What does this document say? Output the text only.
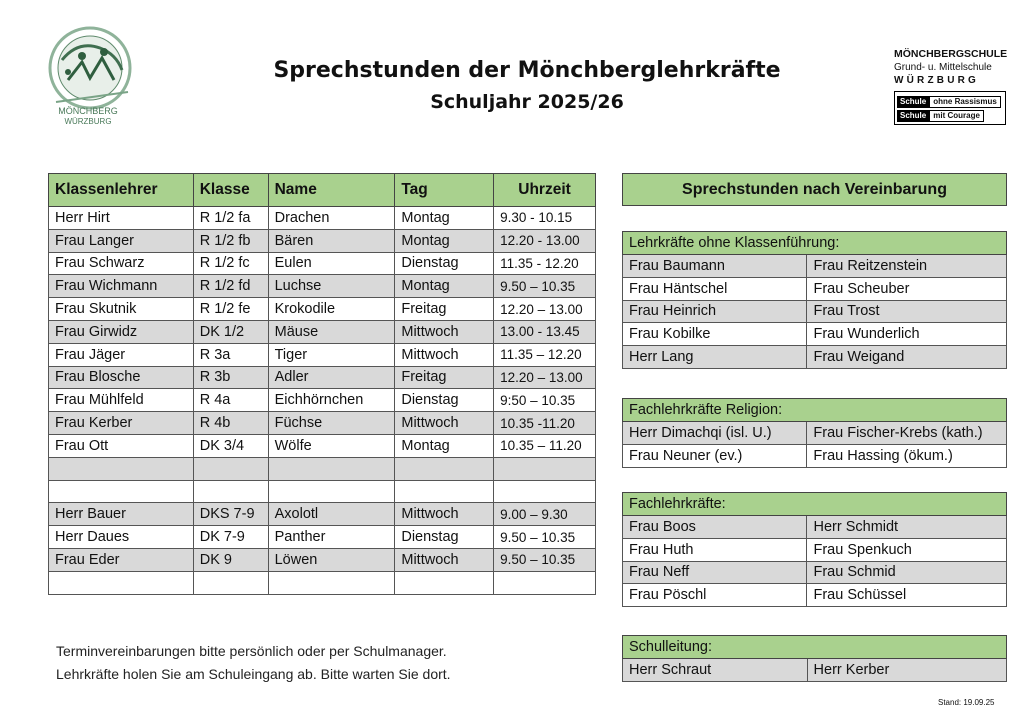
MÖNCHBERG
WÜRZBURG
Sprechstunden der Mönchberglehrkräfte
Schuljahr 2025/26
MÖNCHBERGSCHULE
Grund- u. Mittelschule
WÜRZBURG
Schule ohne Rassismus
Schule mit Courage
Klassenlehrer	Klasse	Name	Tag	Uhrzeit
Herr Hirt	R 1/2 fa	Drachen	Montag	9.30 - 10.15
Frau Langer	R 1/2 fb	Bären	Montag	12.20 - 13.00
Frau Schwarz	R 1/2 fc	Eulen	Dienstag	11.35 - 12.20
Frau Wichmann	R 1/2 fd	Luchse	Montag	9.50 – 10.35
Frau Skutnik	R 1/2 fe	Krokodile	Freitag	12.20 – 13.00
Frau Girwidz	DK 1/2	Mäuse	Mittwoch	13.00 - 13.45
Frau Jäger	R 3a	Tiger	Mittwoch	11.35 – 12.20
Frau Blosche	R 3b	Adler	Freitag	12.20 – 13.00
Frau Mühlfeld	R 4a	Eichhörnchen	Dienstag	9:50 – 10.35
Frau Kerber	R 4b	Füchse	Mittwoch	10.35 -11.20
Frau Ott	DK 3/4	Wölfe	Montag	10.35 – 11.20

Herr Bauer	DKS 7-9	Axolotl	Mittwoch	9.00 – 9.30
Herr Daues	DK 7-9	Panther	Dienstag	9.50 – 10.35
Frau Eder	DK 9	Löwen	Mittwoch	9.50 – 10.35

Sprechstunden nach Vereinbarung
Lehrkräfte ohne Klassenführung:	
Frau Baumann	Frau Reitzenstein
Frau Häntschel	Frau Scheuber
Frau Heinrich	Frau Trost
Frau Kobilke	Frau Wunderlich
Herr Lang	Frau Weigand
Fachlehrkräfte Religion:	
Herr Dimachqi (isl. U.)	Frau Fischer-Krebs (kath.)
Frau Neuner (ev.)	Frau Hassing (ökum.)
Fachlehrkräfte:	
Frau Boos	Herr Schmidt
Frau Huth	Frau Spenkuch
Frau Neff	Frau Schmid
Frau Pöschl	Frau Schüssel
Schulleitung:
Herr Schraut	Herr Kerber
Terminvereinbarungen bitte persönlich oder per Schulmanager.
Lehrkräfte holen Sie am Schuleingang ab. Bitte warten Sie dort.
Stand: 19.09.25
